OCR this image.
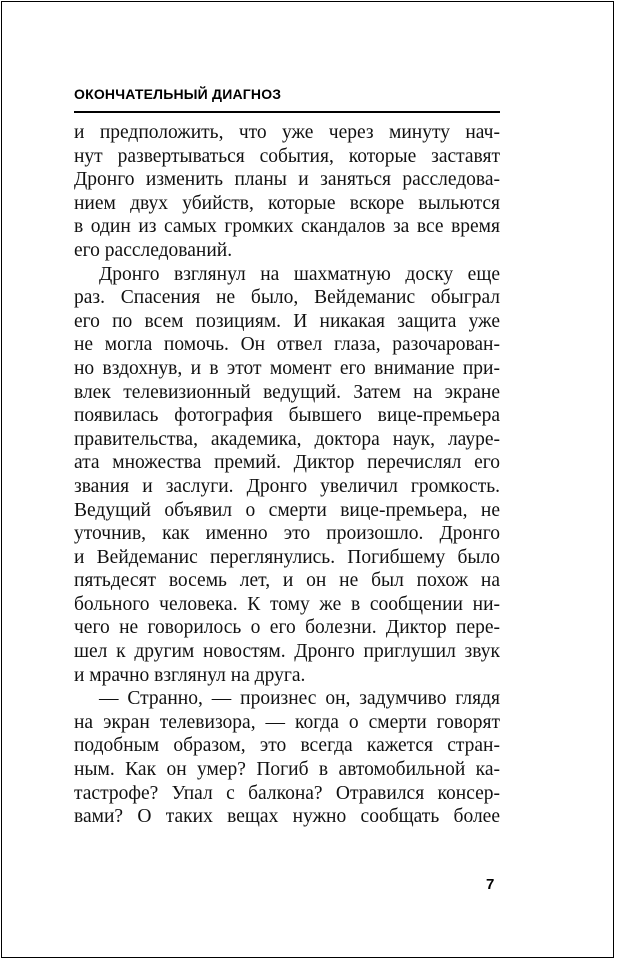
ОКОНЧАТЕЛЬНЫЙ ДИАГНОЗ
и предположить, что уже через минуту нач-
нут развертываться события, которые заставят
Дронго изменить планы и заняться расследова-
нием двух убийств, которые вскоре выльются
в один из самых громких скандалов за все время
его расследований.
Дронго взглянул на шахматную доску еще
раз. Спасения не было, Вейдеманис обыграл
его по всем позициям. И никакая защита уже
не могла помочь. Он отвел глаза, разочарован-
но вздохнув, и в этот момент его внимание при-
влек телевизионный ведущий. Затем на экране
появилась фотография бывшего вице-премьера
правительства, академика, доктора наук, лауре-
ата множества премий. Диктор перечислял его
звания и заслуги. Дронго увеличил громкость.
Ведущий объявил о смерти вице-премьера, не
уточнив, как именно это произошло. Дронго
и Вейдеманис переглянулись. Погибшему было
пятьдесят восемь лет, и он не был похож на
больного человека. К тому же в сообщении ни-
чего не говорилось о его болезни. Диктор пере-
шел к другим новостям. Дронго приглушил звук
и мрачно взглянул на друга.
— Странно, — произнес он, задумчиво глядя
на экран телевизора, — когда о смерти говорят
подобным образом, это всегда кажется стран-
ным. Как он умер? Погиб в автомобильной ка-
тастрофе? Упал с балкона? Отравился консер-
вами? О таких вещах нужно сообщать более
7
